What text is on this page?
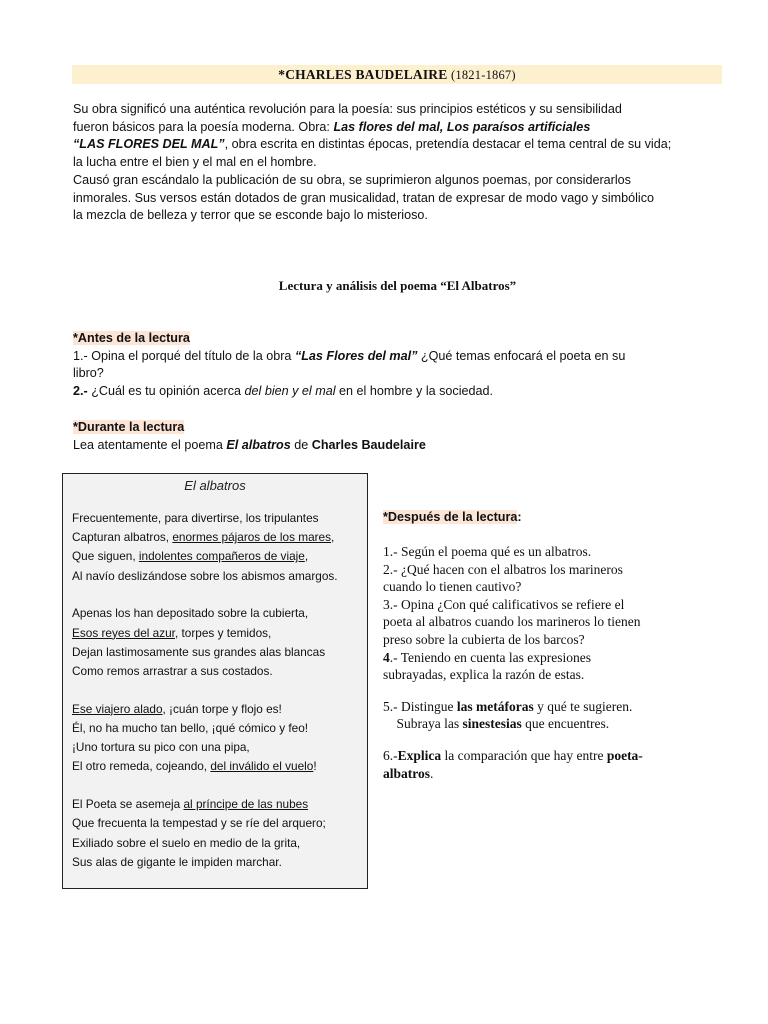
*CHARLES BAUDELAIRE (1821-1867)

Su obra significó una auténtica revolución para la poesía: sus principios estéticos y su sensibilidad

fueron básicos para la poesía moderna. Obra: Las flores del mal, Los paraísos artificiales

“LAS FLORES DEL MAL”, obra escrita en distintas épocas, pretendía destacar el tema central de su vida;

la lucha entre el bien y el mal en el hombre.

Causó gran escándalo la publicación de su obra, se suprimieron algunos poemas, por considerarlos

inmorales. Sus versos están dotados de gran musicalidad, tratan de expresar de modo vago y simbólico

la mezcla de belleza y terror que se esconde bajo lo misterioso.

Lectura y análisis del poema “El Albatros”

*Antes de la lectura

1.- Opina el porqué del título de la obra “Las Flores del mal” ¿Qué temas enfocará el poeta en su

libro?

2.- ¿Cuál es tu opinión acerca del bien y el mal en el hombre y la sociedad.

*Durante la lectura

Lea atentamente el poema El albatros de Charles Baudelaire

El albatros
Frecuentemente, para divertirse, los tripulantes
Capturan albatros, enormes pájaros de los mares,
Que siguen, indolentes compañeros de viaje,
Al navío deslizándose sobre los abismos amargos.
Apenas los han depositado sobre la cubierta,
Esos reyes del azur, torpes y temidos,
Dejan lastimosamente sus grandes alas blancas
Como remos arrastrar a sus costados.
Ese viajero alado, ¡cuán torpe y flojo es!
Él, no ha mucho tan bello, ¡qué cómico y feo!
¡Uno tortura su pico con una pipa,
El otro remeda, cojeando, del inválido el vuelo!
El Poeta se asemeja al príncipe de las nubes
Que frecuenta la tempestad y se ríe del arquero;
Exiliado sobre el suelo en medio de la grita,
Sus alas de gigante le impiden marchar.

*Después de la lectura:

1.- Según el poema qué es un albatros.

2.- ¿Qué hacen con el albatros los marineros

cuando lo tienen cautivo?

3.- Opina ¿Con qué calificativos se refiere el

poeta al albatros cuando los marineros lo tienen

preso sobre la cubierta de los barcos?

4.- Teniendo en cuenta las expresiones

subrayadas, explica la razón de estas.

5.- Distingue las metáforas y qué te sugieren.

Subraya las sinestesias que encuentres.

6.-Explica la comparación que hay entre poeta-

albatros.
